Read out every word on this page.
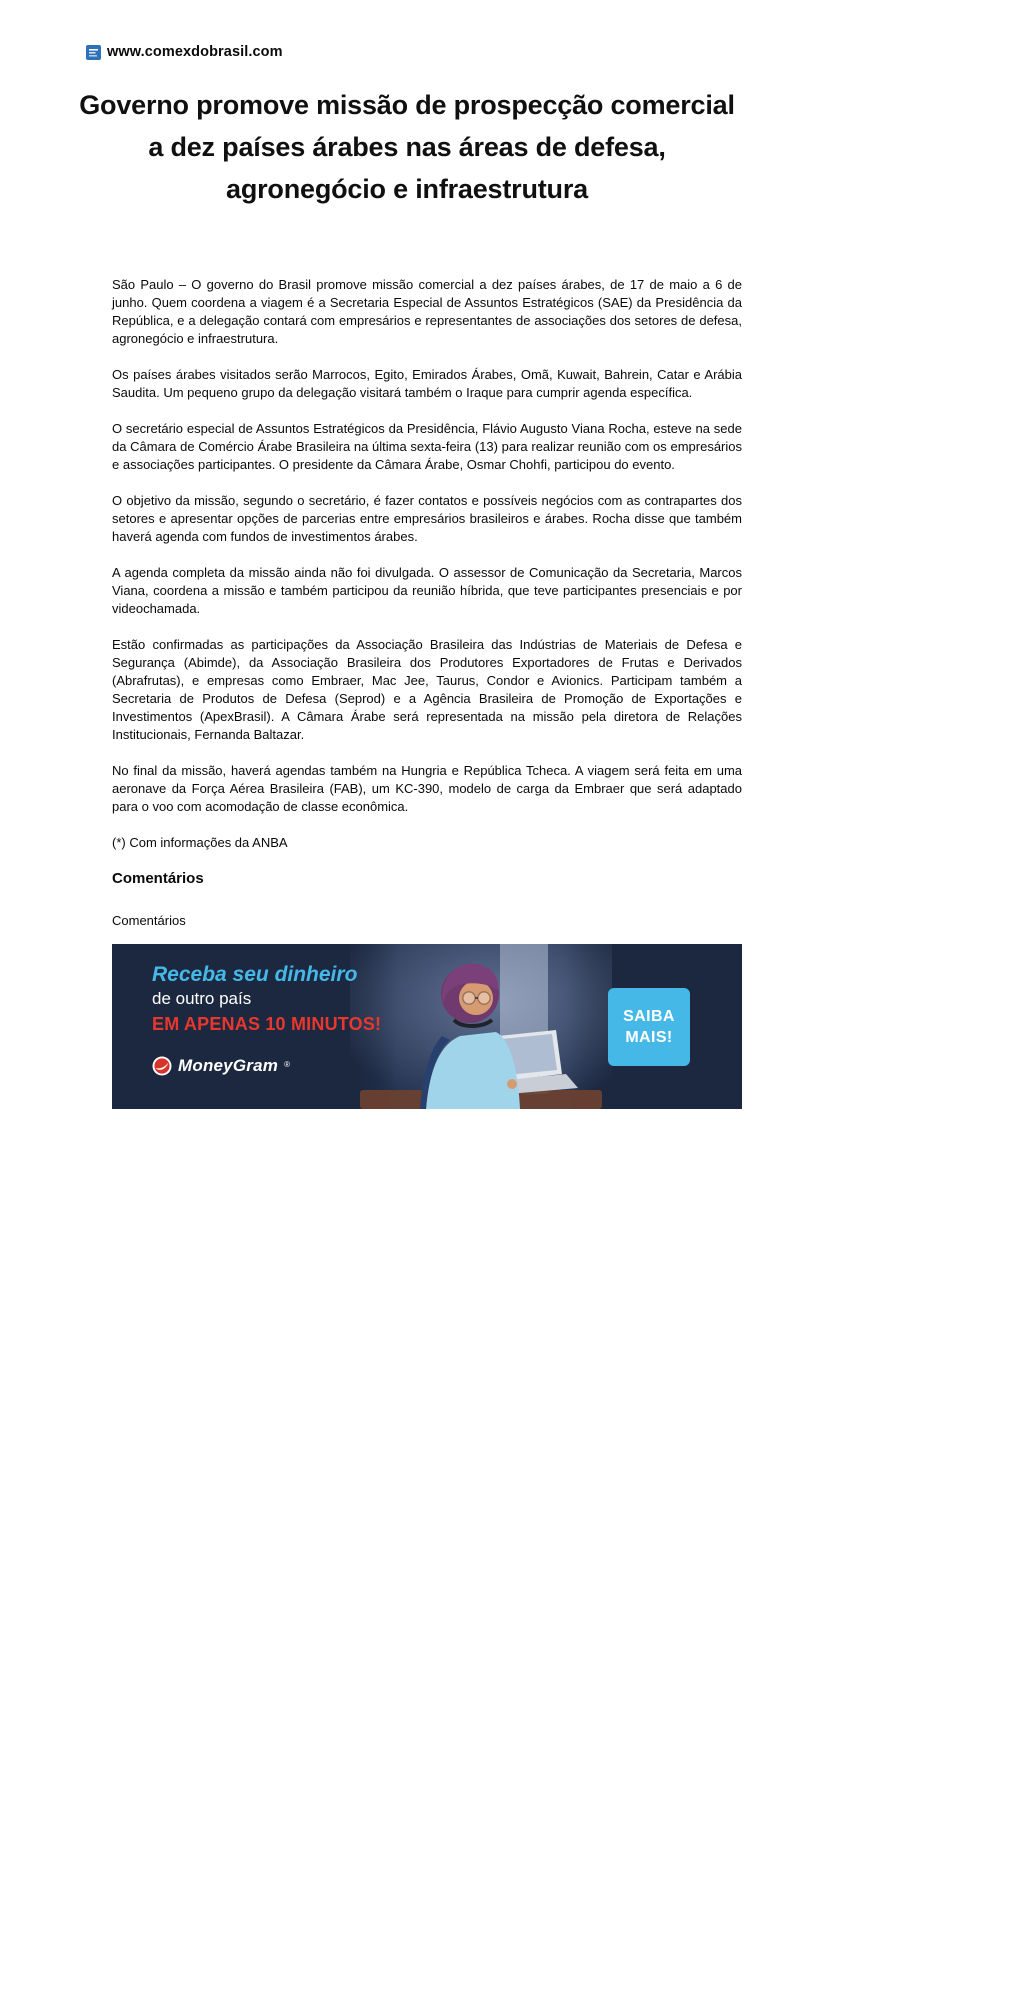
www.comexdobrasil.com
Governo promove missão de prospecção comercial
a dez países árabes nas áreas de defesa,
agronegócio e infraestrutura

São Paulo – O governo do Brasil promove missão comercial a dez países árabes, de 17 de maio a 6 de junho. Quem coordena a viagem é a Secretaria Especial de Assuntos Estratégicos (SAE) da Presidência da República, e a delegação contará com empresários e representantes de associações dos setores de defesa, agronegócio e infraestrutura.

Os países árabes visitados serão Marrocos, Egito, Emirados Árabes, Omã, Kuwait, Bahrein, Catar e Arábia Saudita. Um pequeno grupo da delegação visitará também o Iraque para cumprir agenda específica.

O secretário especial de Assuntos Estratégicos da Presidência, Flávio Augusto Viana Rocha, esteve na sede da Câmara de Comércio Árabe Brasileira na última sexta-feira (13) para realizar reunião com os empresários e associações participantes. O presidente da Câmara Árabe, Osmar Chohfi, participou do evento.

O objetivo da missão, segundo o secretário, é fazer contatos e possíveis negócios com as contrapartes dos setores e apresentar opções de parcerias entre empresários brasileiros e árabes. Rocha disse que também haverá agenda com fundos de investimentos árabes.

A agenda completa da missão ainda não foi divulgada. O assessor de Comunicação da Secretaria, Marcos Viana, coordena a missão e também participou da reunião híbrida, que teve participantes presenciais e por videochamada.

Estão confirmadas as participações da Associação Brasileira das Indústrias de Materiais de Defesa e Segurança (Abimde), da Associação Brasileira dos Produtores Exportadores de Frutas e Derivados (Abrafrutas), e empresas como Embraer, Mac Jee, Taurus, Condor e Avionics. Participam também a Secretaria de Produtos de Defesa (Seprod) e a Agência Brasileira de Promoção de Exportações e Investimentos (ApexBrasil). A Câmara Árabe será representada na missão pela diretora de Relações Institucionais, Fernanda Baltazar.

No final da missão, haverá agendas também na Hungria e República Tcheca. A viagem será feita em uma aeronave da Força Aérea Brasileira (FAB), um KC-390, modelo de carga da Embraer que será adaptado para o voo com acomodação de classe econômica.

(*) Com informações da ANBA

Comentários
Comentários
Receba seu dinheiro
de outro país
EM APENAS 10 MINUTOS!
MoneyGram ®
SAIBA
MAIS!
